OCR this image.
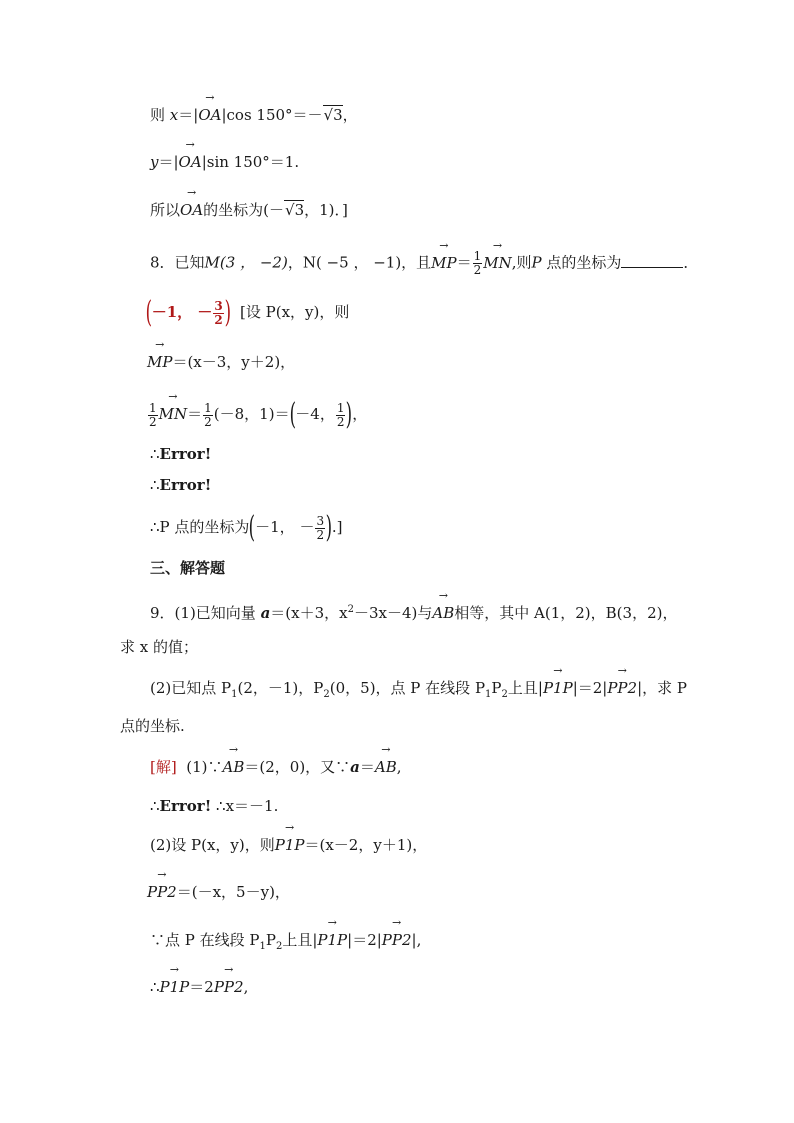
则 x＝|→ OA|cos 150°＝－√3，
y＝|→ OA|sin 150°＝1.
所以→ OA的坐标为(－√3，1)．]
8．已知M(3 ， −2)，N( −5 ， −1)，且→ $MP= \frac{1}{2}$
→ MN,则P 点的坐标为	．
(－1， － $\frac{3}{2}$ ) [设 P(x，y)，则
→ MP＝(x－3，y＋2)，
$\frac{1}{2}$
→ $MN= \frac{1}{2} (-8$，1)＝(－4， $\frac{1}{2}$ )，
∴Error!
∴Error!
∴P 点的坐标为(－1， － $\frac{3}{2}$ ).]
三、解答题
9．(1)已知向量 a＝(x＋3，$x^2-3x-4$)与→ AB相等，其中 A(1，2)，B(3，2)，
求 x 的值；
(2)已知点 $P_1(2$，－1)，$P_2(0$，5)，点 P 在线段 $P_1P_2$上且|→ P1P|＝2|→ PP2|，求 P
点的坐标.
[解] (1)∵→ AB＝(2，0)，又∵a＝→ AB,
∴Error! ∴x＝－1.
(2)设 P(x，y)，则→ P1P＝(x－2，y＋1)，
→ PP2＝(－x，5－y)，
∵点 P 在线段 $P_1P_2$上且|→ P1P|＝2|→ PP2|,
∴→ P1P＝2→ PP2,
